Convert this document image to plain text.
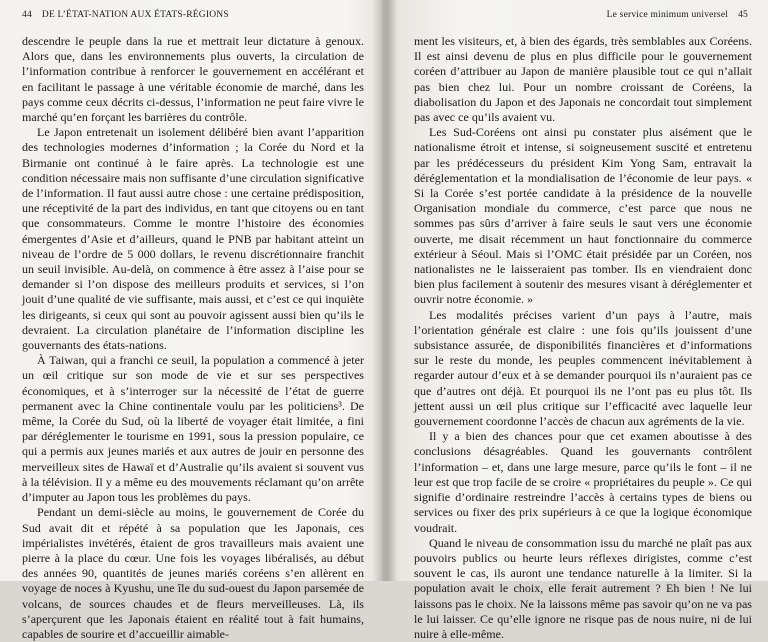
44 DE L’ÉTAT-NATION AUX ÉTATS-RÉGIONS

descendre le peuple dans la rue et mettrait leur dictature à genoux. Alors que, dans les environnements plus ouverts, la circulation de l’information contribue à renforcer le gouvernement en accélérant et en facilitant le passage à une véritable économie de marché, dans les pays comme ceux décrits ci-dessus, l’information ne peut faire vivre le marché qu’en forçant les barrières du contrôle.

Le Japon entretenait un isolement délibéré bien avant l’apparition des technologies modernes d’information ; la Corée du Nord et la Birmanie ont continué à le faire après. La technologie est une condition nécessaire mais non suffisante d’une circulation significative de l’information. Il faut aussi autre chose : une certaine prédisposition, une réceptivité de la part des individus, en tant que citoyens ou en tant que consommateurs. Comme le montre l’histoire des économies émergentes d’Asie et d’ailleurs, quand le PNB par habitant atteint un niveau de l’ordre de 5 000 dollars, le revenu discrétionnaire franchit un seuil invisible. Au-delà, on commence à être assez à l’aise pour se demander si l’on dispose des meilleurs produits et services, si l’on jouit d’une qualité de vie suffisante, mais aussi, et c’est ce qui inquiète les dirigeants, si ceux qui sont au pouvoir agissent aussi bien qu’ils le devraient. La circulation planétaire de l’information discipline les gouvernants des états-nations.

À Taiwan, qui a franchi ce seuil, la population a commencé à jeter un œil critique sur son mode de vie et sur ses perspectives économiques, et à s’interroger sur la nécessité de l’état de guerre permanent avec la Chine continentale voulu par les politiciens³. De même, la Corée du Sud, où la liberté de voyager était limitée, a fini par déréglementer le tourisme en 1991, sous la pression populaire, ce qui a permis aux jeunes mariés et aux autres de jouir en personne des merveilleux sites de Hawaï et d’Australie qu’ils avaient si souvent vus à la télévision. Il y a même eu des mouvements réclamant qu’on arrête d’imputer au Japon tous les problèmes du pays.

Pendant un demi-siècle au moins, le gouvernement de Corée du Sud avait dit et répété à sa population que les Japonais, ces impérialistes invétérés, étaient de gros travailleurs mais avaient une pierre à la place du cœur. Une fois les voyages libéralisés, au début des années 90, quantités de jeunes mariés coréens s’en allèrent en voyage de noces à Kyushu, une île du sud-ouest du Japon parsemée de volcans, de sources chaudes et de fleurs merveilleuses. Là, ils s’aperçurent que les Japonais étaient en réalité tout à fait humains, capables de sourire et d’accueillir aimable-

Le service minimum universel 45

ment les visiteurs, et, à bien des égards, très semblables aux Coréens. Il est ainsi devenu de plus en plus difficile pour le gouvernement coréen d’attribuer au Japon de manière plausible tout ce qui n’allait pas bien chez lui. Pour un nombre croissant de Coréens, la diabolisation du Japon et des Japonais ne concordait tout simplement pas avec ce qu’ils avaient vu.

Les Sud-Coréens ont ainsi pu constater plus aisément que le nationalisme étroit et intense, si soigneusement suscité et entretenu par les prédécesseurs du président Kim Yong Sam, entravait la déréglementation et la mondialisation de l’économie de leur pays. « Si la Corée s’est portée candidate à la présidence de la nouvelle Organisation mondiale du commerce, c’est parce que nous ne sommes pas sûrs d’arriver à faire seuls le saut vers une économie ouverte, me disait récemment un haut fonctionnaire du commerce extérieur à Séoul. Mais si l’OMC était présidée par un Coréen, nos nationalistes ne le laisseraient pas tomber. Ils en viendraient donc bien plus facilement à soutenir des mesures visant à déréglementer et ouvrir notre économie. »

Les modalités précises varient d’un pays à l’autre, mais l’orientation générale est claire : une fois qu’ils jouissent d’une subsistance assurée, de disponibilités financières et d’informations sur le reste du monde, les peuples commencent inévitablement à regarder autour d’eux et à se demander pourquoi ils n’auraient pas ce que d’autres ont déjà. Et pourquoi ils ne l’ont pas eu plus tôt. Ils jettent aussi un œil plus critique sur l’efficacité avec laquelle leur gouvernement coordonne l’accès de chacun aux agréments de la vie.

Il y a bien des chances pour que cet examen aboutisse à des conclusions désagréables. Quand les gouvernants contrôlent l’information – et, dans une large mesure, parce qu’ils le font – il ne leur est que trop facile de se croire « propriétaires du peuple ». Ce qui signifie d’ordinaire restreindre l’accès à certains types de biens ou services ou fixer des prix supérieurs à ce que la logique économique voudrait.

Quand le niveau de consommation issu du marché ne plaît pas aux pouvoirs publics ou heurte leurs réflexes dirigistes, comme c’est souvent le cas, ils auront une tendance naturelle à la limiter. Si la population avait le choix, elle ferait autrement ? Eh bien ! Ne lui laissons pas le choix. Ne la laissons même pas savoir qu’on ne va pas le lui laisser. Ce qu’elle ignore ne risque pas de nous nuire, ni de lui nuire à elle-même.
